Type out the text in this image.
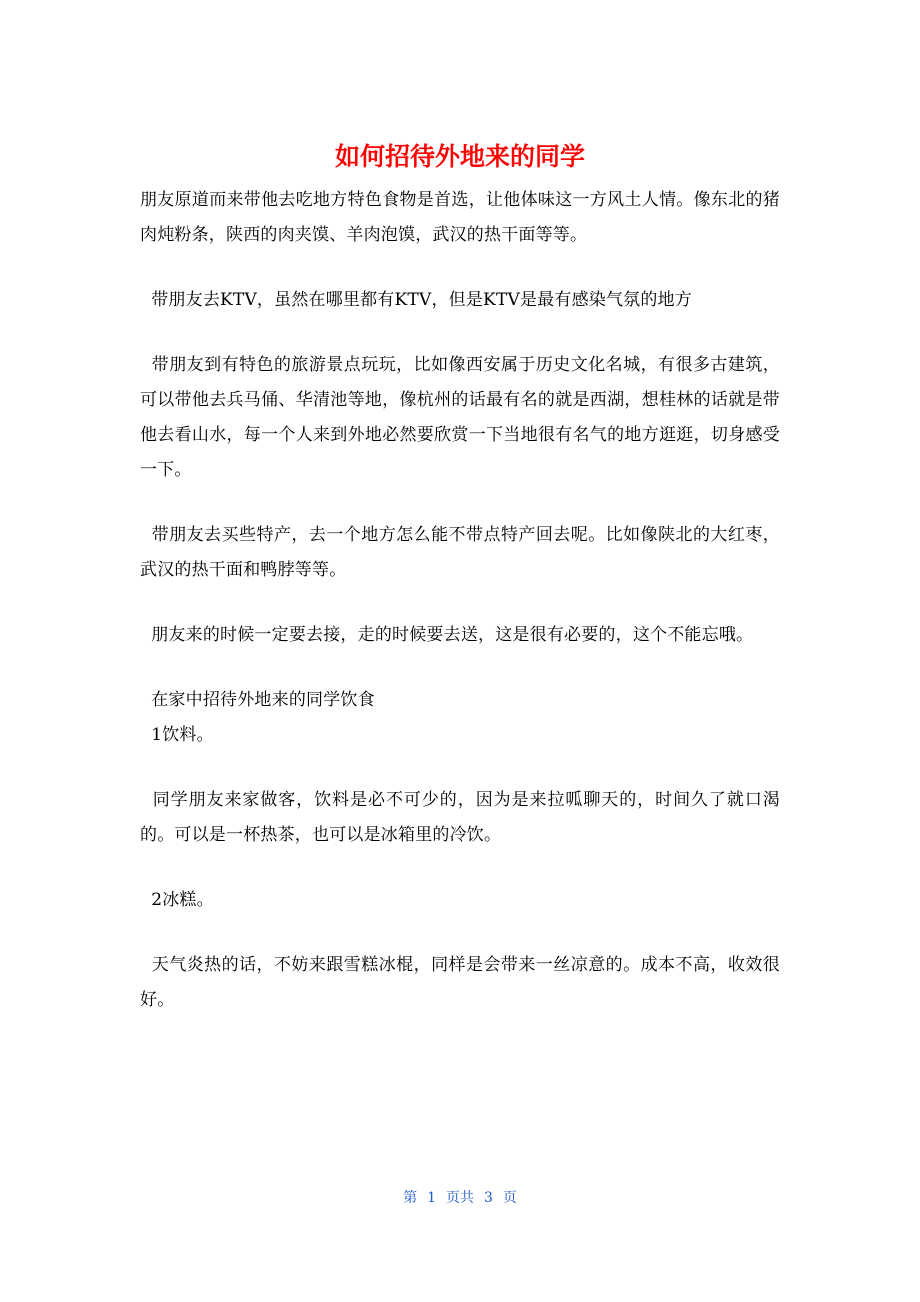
如何招待外地来的同学

朋友原道而来带他去吃地方特色食物是首选，让他体味这一方风土人情。像东北的猪肉炖粉条，陕西的肉夹馍、羊肉泡馍，武汉的热干面等等。

带朋友去KTV，虽然在哪里都有KTV，但是KTV是最有感染气氛的地方

带朋友到有特色的旅游景点玩玩，比如像西安属于历史文化名城，有很多古建筑，可以带他去兵马俑、华清池等地，像杭州的话最有名的就是西湖，想桂林的话就是带他去看山水，每一个人来到外地必然要欣赏一下当地很有名气的地方逛逛，切身感受一下。

带朋友去买些特产，去一个地方怎么能不带点特产回去呢。比如像陕北的大红枣，武汉的热干面和鸭脖等等。

朋友来的时候一定要去接，走的时候要去送，这是很有必要的，这个不能忘哦。

在家中招待外地来的同学饮食

1饮料。

同学朋友来家做客，饮料是必不可少的，因为是来拉呱聊天的，时间久了就口渴的。可以是一杯热茶，也可以是冰箱里的冷饮。

2冰糕。

天气炎热的话，不妨来跟雪糕冰棍，同样是会带来一丝凉意的。成本不高，收效很好。

第 1 页共 3 页
